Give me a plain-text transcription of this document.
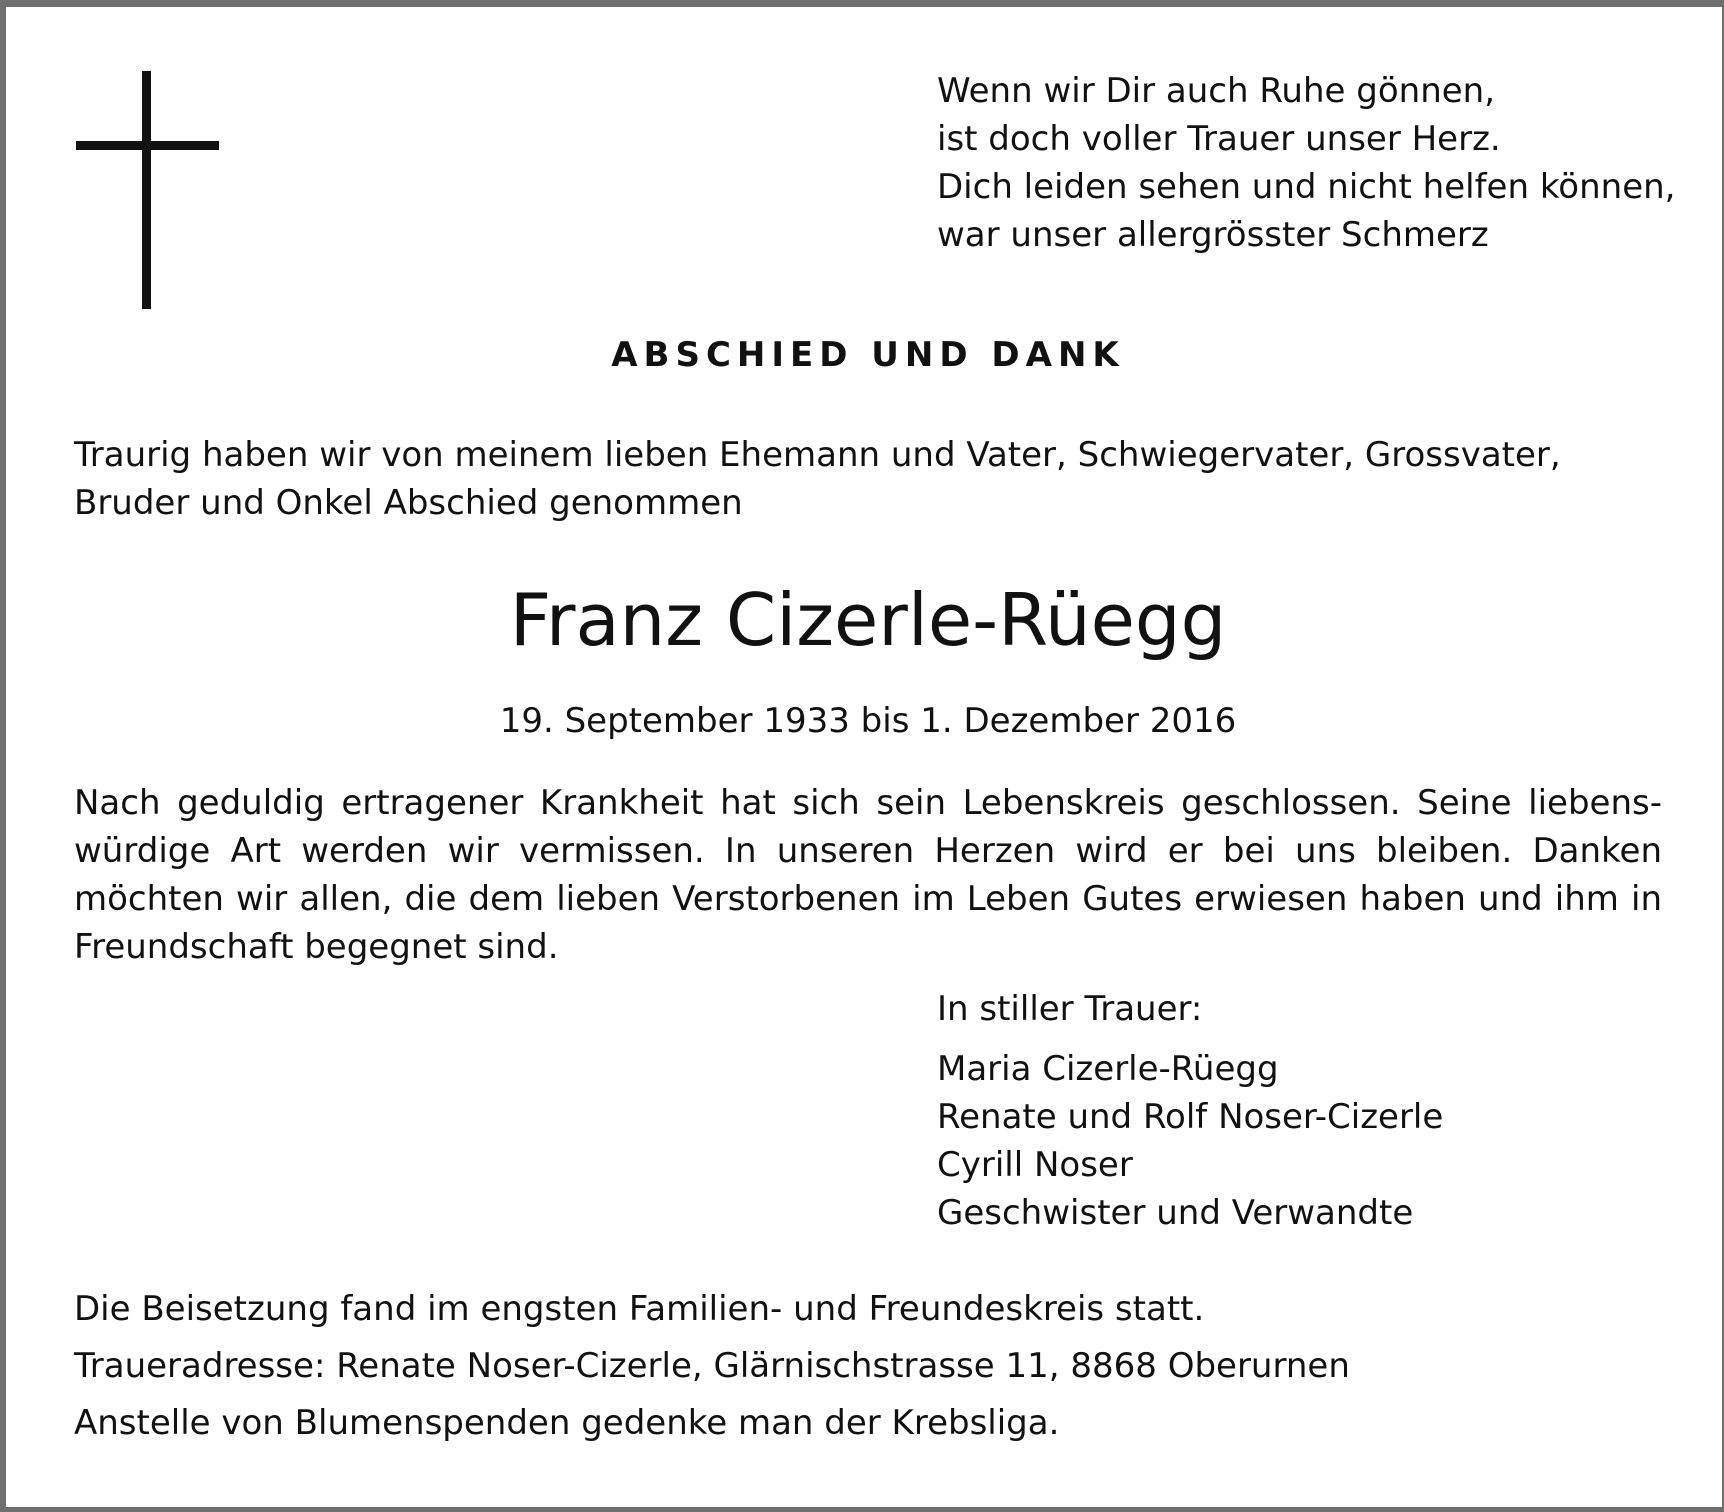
Wenn wir Dir auch Ruhe gönnen,
ist doch voller Trauer unser Herz.
Dich leiden sehen und nicht helfen können,
war unser allergrösster Schmerz
ABSCHIED UND DANK
Traurig haben wir von meinem lieben Ehemann und Vater, Schwiegervater, Grossvater, Bruder und Onkel Abschied genommen
Franz Cizerle-Rüegg
19. September 1933 bis 1. Dezember 2016
Nach geduldig ertragener Krankheit hat sich sein Lebenskreis geschlossen. Seine liebenswürdige Art werden wir vermissen. In unseren Herzen wird er bei uns bleiben. Danken möchten wir allen, die dem lieben Verstorbenen im Leben Gutes erwiesen haben und ihm in Freundschaft begegnet sind.
In stiller Trauer:
Maria Cizerle-Rüegg
Renate und Rolf Noser-Cizerle
Cyrill Noser
Geschwister und Verwandte
Die Beisetzung fand im engsten Familien- und Freundeskreis statt.
Traueradresse: Renate Noser-Cizerle, Glärnischstrasse 11, 8868 Oberurnen
Anstelle von Blumenspenden gedenke man der Krebsliga.
